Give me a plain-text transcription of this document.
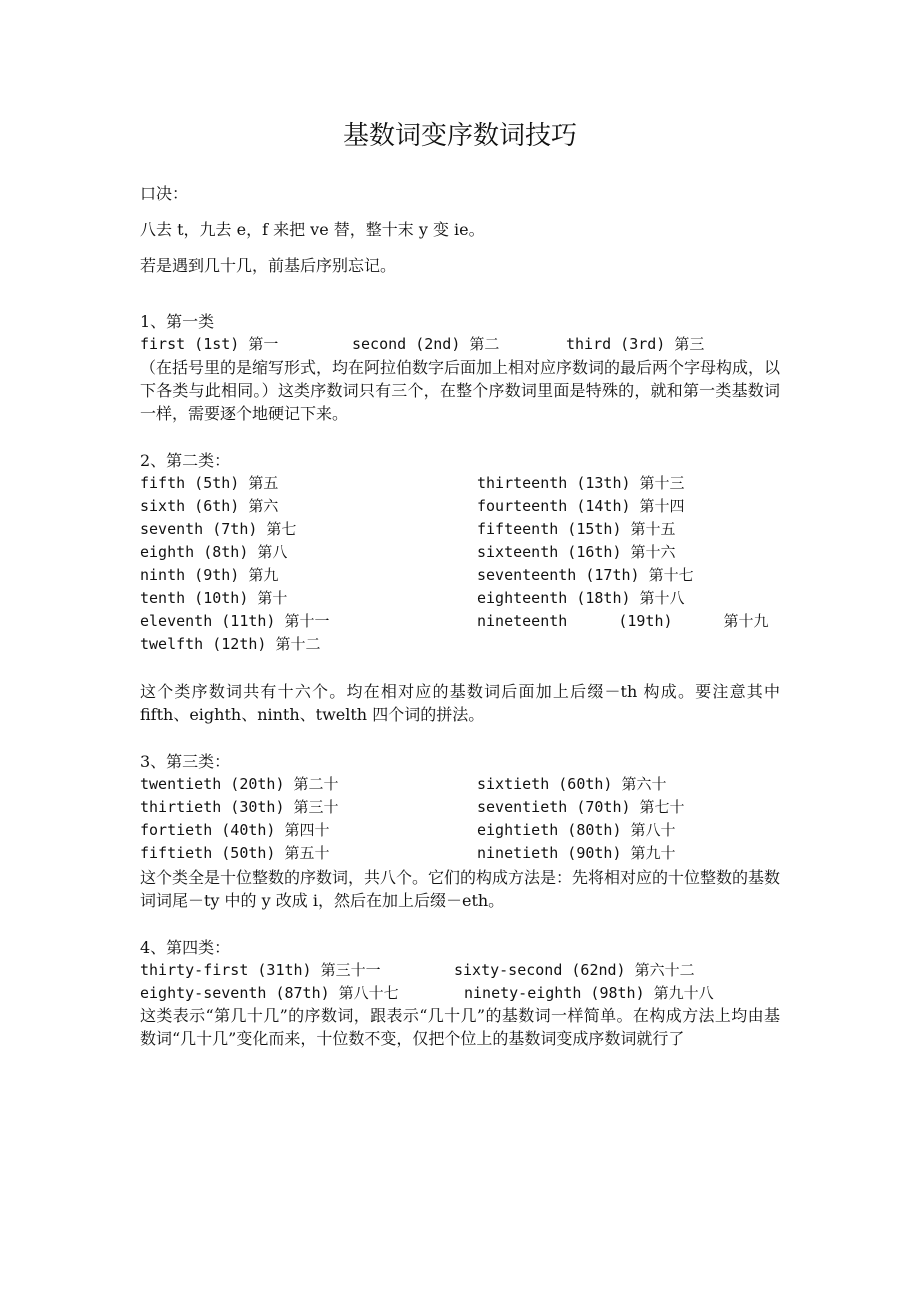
基数词变序数词技巧

口决：

八去 t，九去 e，f 来把 ve 替，整十末 y 变 ie。

若是遇到几十几，前基后序别忘记。

1、第一类

first (1st) 第一	second (2nd) 第二	third (3rd) 第三

（在括号里的是缩写形式，均在阿拉伯数字后面加上相对应序数词的最后两个字母构成，以下各类与此相同。）这类序数词只有三个，在整个序数词里面是特殊的，就和第一类基数词一样，需要逐个地硬记下来。

2、第二类：

fifth (5th) 第五	thirteenth (13th) 第十三
sixth (6th) 第六	fourteenth (14th) 第十四
seventh (7th) 第七	fifteenth (15th) 第十五
eighth (8th) 第八	sixteenth (16th) 第十六
ninth (9th) 第九	seventeenth (17th) 第十七
tenth (10th) 第十	eighteenth (18th) 第十八
eleventh (11th) 第十一	nineteenth (19th) 第十九
twelfth (12th) 第十二

这个类序数词共有十六个。均在相对应的基数词后面加上后缀－th 构成。要注意其中 fifth、eighth、ninth、twelth 四个词的拼法。

3、第三类：

twentieth (20th) 第二十	sixtieth (60th) 第六十
thirtieth (30th) 第三十	seventieth (70th) 第七十
fortieth (40th) 第四十	eightieth (80th) 第八十
fiftieth (50th) 第五十	ninetieth (90th) 第九十

这个类全是十位整数的序数词，共八个。它们的构成方法是：先将相对应的十位整数的基数词词尾－ty 中的 y 改成 i，然后在加上后缀－eth。

4、第四类：

thirty-first (31th) 第三十一	sixty-second (62nd) 第六十二
eighty-seventh (87th) 第八十七	ninety-eighth (98th) 第九十八

这类表示“第几十几”的序数词，跟表示“几十几”的基数词一样简单。在构成方法上均由基数词“几十几”变化而来，十位数不变，仅把个位上的基数词变成序数词就行了
